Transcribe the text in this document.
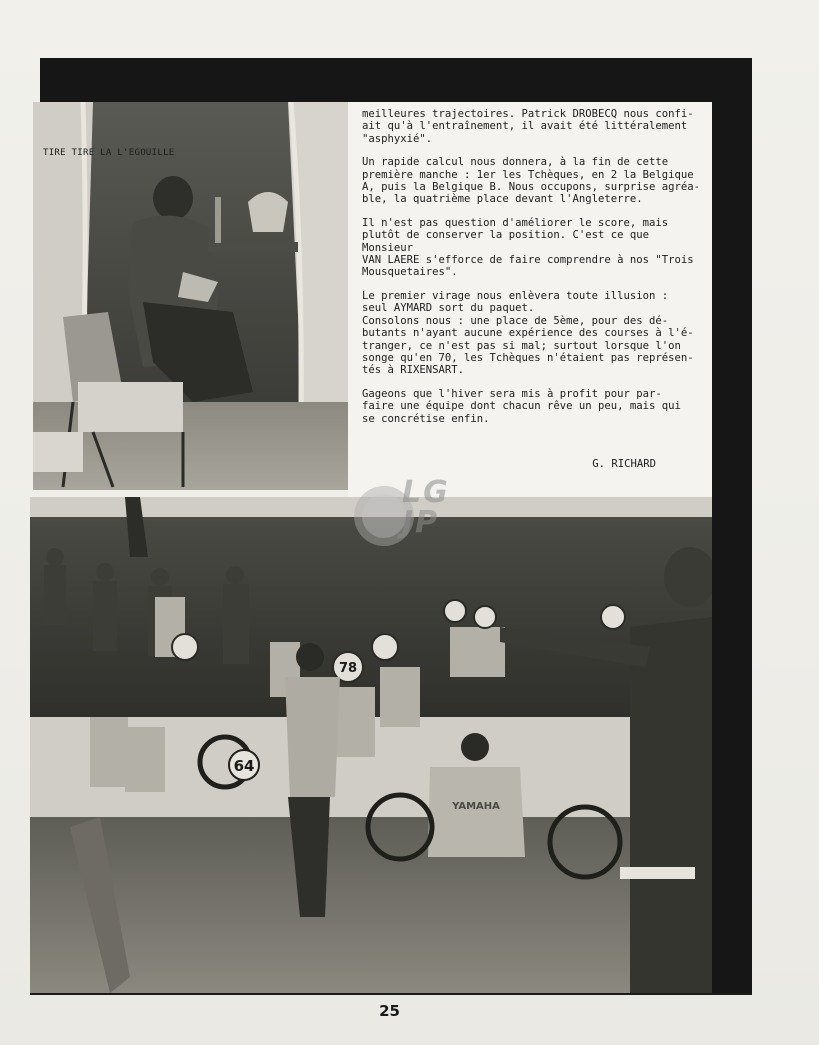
TIRE TIRE LA L'EGOUILLE

meilleures trajectoires. Patrick DROBECQ nous confi-
ait qu'à l'entraînement, il avait été littéralement
"asphyxié".

Un rapide calcul nous donnera, à la fin de cette
première manche : 1er les Tchèques, en 2 la Belgique
A, puis la Belgique B. Nous occupons, surprise agréa-
ble, la quatrième place devant l'Angleterre.

Il n'est pas question d'améliorer le score, mais
plutôt de conserver la position. C'est ce que Monsieur
VAN LAERE s'efforce de faire comprendre à nos "Trois
Mousquetaires".

Le premier virage nous enlèvera toute illusion :
seul AYMARD sort du paquet.

Consolons nous : une place de 5ème, pour des dé-
butants n'ayant aucune expérience des courses à l'é-
tranger, ce n'est pas si mal; surtout lorsque l'on
songe qu'en 70, les Tchèques n'étaient pas représen-
tés à RIXENSART.

Gageons que l'hiver sera mis à profit pour par-
faire une équipe dont chacun rêve un peu, mais qui
se concrétise enfin.

G. RICHARD
64
78
YAMAHA
LG
JP
25
